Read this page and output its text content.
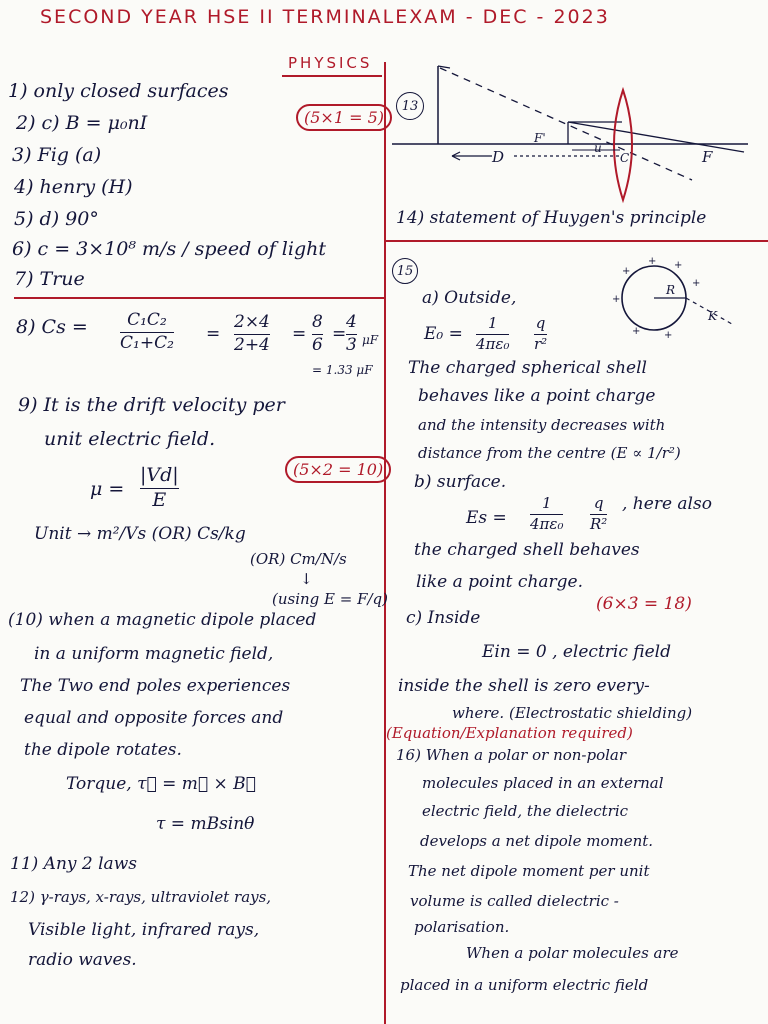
SECOND YEAR HSE II TERMINALEXAM - DEC - 2023
PHYSICS
1) only closed surfaces
(5×1 = 5)
2) c) B = μ₀nI
3) Fig (a)
4) henry (H)
5) d) 90°
6) c = 3×10⁸ m/s / speed of light
7) True
8) Cs = C₁C₂
C₁+C₂ =
2×4
2+4
=
8
6
=
4
3 μF
= 1.33 μF
9) It is the drift velocity per
unit electric field.
(5×2 = 10)
μ =
|Vd|
E
Unit → m²/Vs (OR) Cs/kg
(OR) Cm/N/s
↓
(using E = F/q)
(10) when a magnetic dipole placed
in a uniform magnetic field,
The Two end poles experiences
equal and opposite forces and
the dipole rotates.
Torque, τ⃗ = m⃗ × B⃗
τ = mBsinθ
11) Any 2 laws
12) γ-rays, x-rays, ultraviolet rays,
Visible light, infrared rays,
radio waves.
13
D
F'
u
C	F
14) statement of Huygen's principle
15
+ +
+
+
+
+ +
R
K
a) Outside,
E₀ =
1
4πε₀
q
r²
The charged spherical shell
behaves like a point charge
and the intensity decreases with
distance from the centre (E ∝ 1/r²)
b) surface.
Es =
1
4πε₀
q
R²
, here also
the charged shell behaves
like a point charge.
(6×3 = 18)
c) Inside
Ein = 0 , electric field
inside the shell is zero every-
where. (Electrostatic shielding)
(Equation/Explanation required)
16) When a polar or non-polar
molecules placed in an external
electric field, the dielectric
develops a net dipole moment.
The net dipole moment per unit
volume is called dielectric -
polarisation.
When a polar molecules are
placed in a uniform electric field
